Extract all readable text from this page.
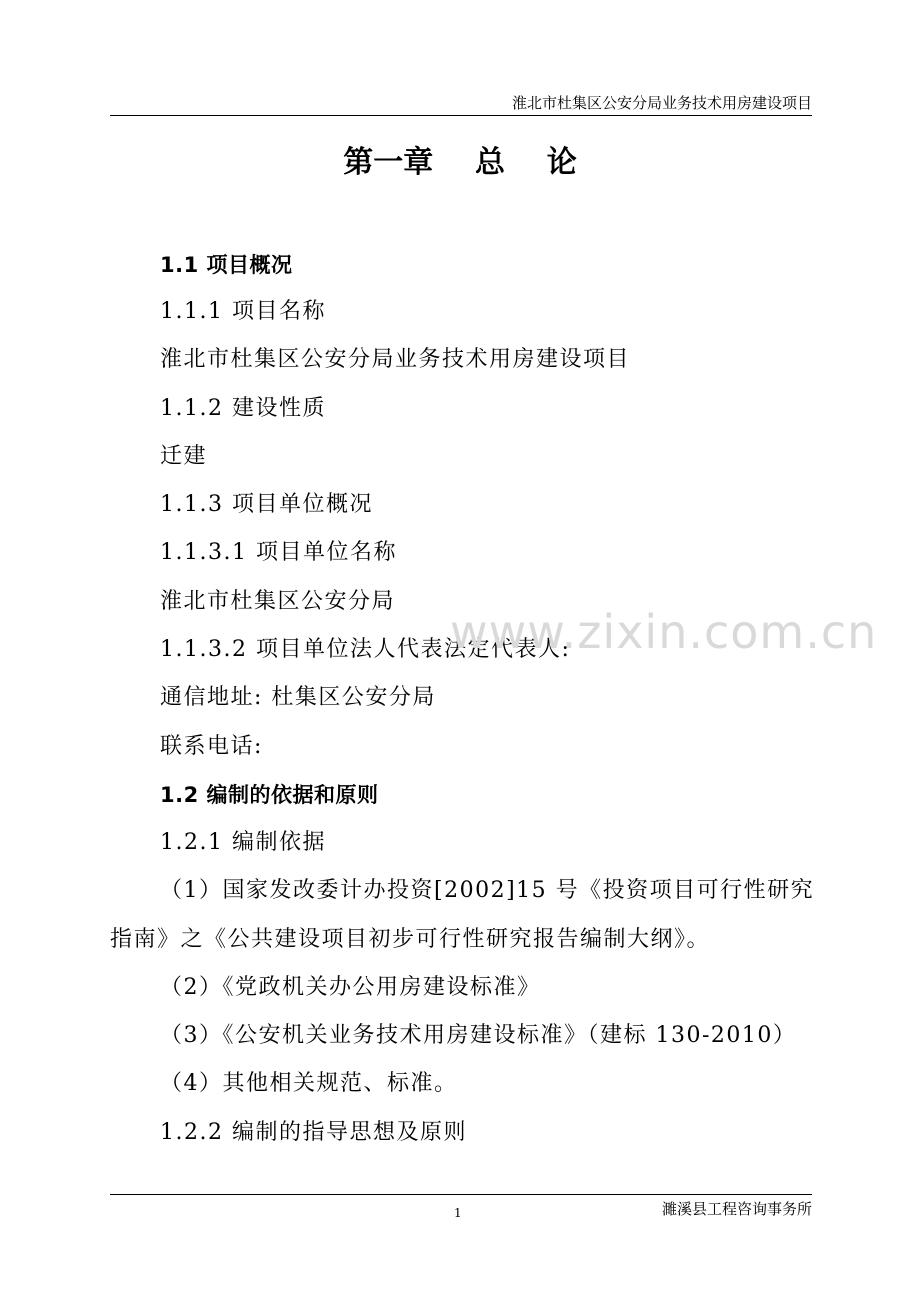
淮北市杜集区公安分局业务技术用房建设项目
第一章    总    论
1.1 项目概况
1.1.1 项目名称
淮北市杜集区公安分局业务技术用房建设项目
1.1.2 建设性质
迁建
1.1.3 项目单位概况
1.1.3.1 项目单位名称
淮北市杜集区公安分局
1.1.3.2 项目单位法人代表法定代表人:
通信地址: 杜集区公安分局
联系电话:
1.2 编制的依据和原则
1.2.1 编制依据
（1）国家发改委计办投资[2002]15 号《投资项目可行性研究
指南》之《公共建设项目初步可行性研究报告编制大纲》。
（2）《党政机关办公用房建设标准》
（3）《公安机关业务技术用房建设标准》（建标 130-2010）
（4）其他相关规范、标准。
1.2.2 编制的指导思想及原则
www.zixin.com.cn
1	濉溪县工程咨询事务所
